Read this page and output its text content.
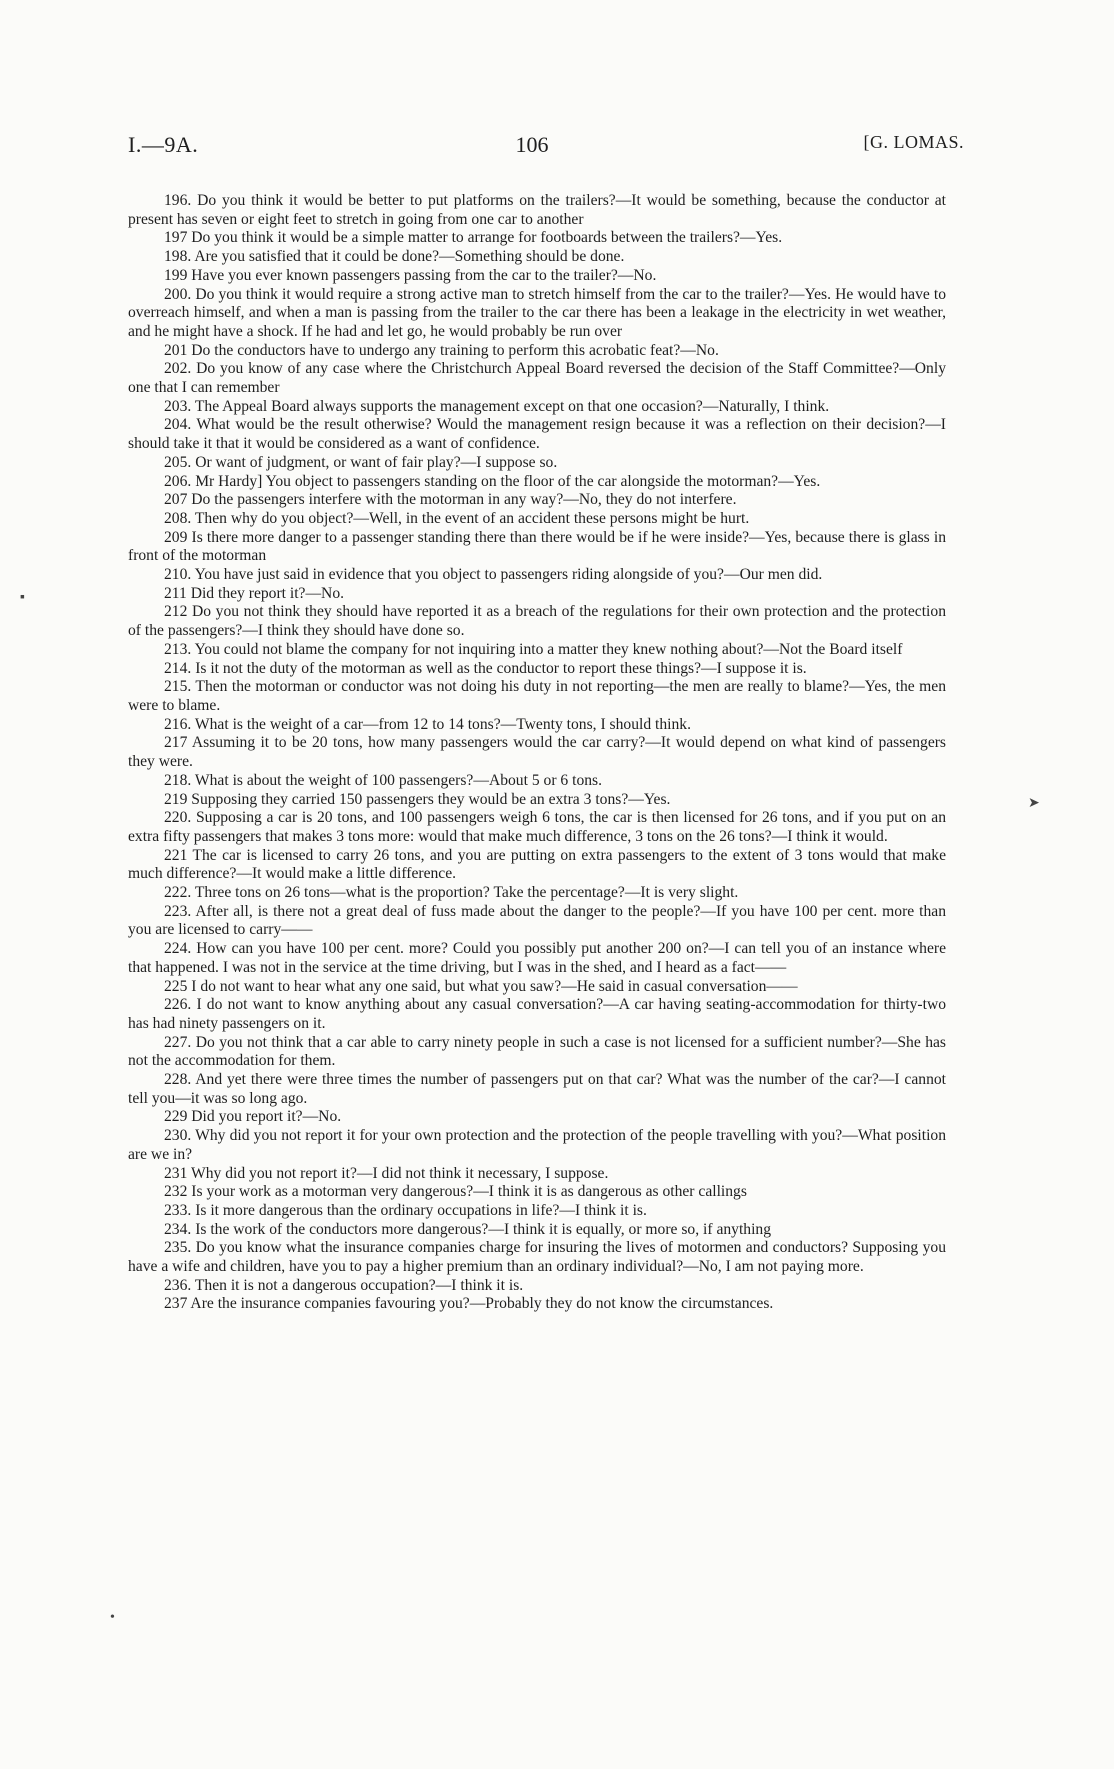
I.—9A.	106	[G. LOMAS.

196. Do you think it would be better to put platforms on the trailers?—It would be something, because the conductor at present has seven or eight feet to stretch in going from one car to another

197 Do you think it would be a simple matter to arrange for footboards between the trailers?—Yes.

198. Are you satisfied that it could be done?—Something should be done.

199 Have you ever known passengers passing from the car to the trailer?—No.

200. Do you think it would require a strong active man to stretch himself from the car to the trailer?—Yes. He would have to overreach himself, and when a man is passing from the trailer to the car there has been a leakage in the electricity in wet weather, and he might have a shock. If he had and let go, he would probably be run over

201 Do the conductors have to undergo any training to perform this acrobatic feat?—No.

202. Do you know of any case where the Christchurch Appeal Board reversed the decision of the Staff Committee?—Only one that I can remember

203. The Appeal Board always supports the management except on that one occasion?—Naturally, I think.

204. What would be the result otherwise? Would the management resign because it was a reflection on their decision?—I should take it that it would be considered as a want of confidence.

205. Or want of judgment, or want of fair play?—I suppose so.

206. Mr Hardy] You object to passengers standing on the floor of the car alongside the motorman?—Yes.

207 Do the passengers interfere with the motorman in any way?—No, they do not interfere.

208. Then why do you object?—Well, in the event of an accident these persons might be hurt.

209 Is there more danger to a passenger standing there than there would be if he were inside?—Yes, because there is glass in front of the motorman

210. You have just said in evidence that you object to passengers riding alongside of you?—Our men did.

211 Did they report it?—No.

212 Do you not think they should have reported it as a breach of the regulations for their own protection and the protection of the passengers?—I think they should have done so.

213. You could not blame the company for not inquiring into a matter they knew nothing about?—Not the Board itself

214. Is it not the duty of the motorman as well as the conductor to report these things?—I suppose it is.

215. Then the motorman or conductor was not doing his duty in not reporting—the men are really to blame?—Yes, the men were to blame.

216. What is the weight of a car—from 12 to 14 tons?—Twenty tons, I should think.

217 Assuming it to be 20 tons, how many passengers would the car carry?—It would depend on what kind of passengers they were.

218. What is about the weight of 100 passengers?—About 5 or 6 tons.

219 Supposing they carried 150 passengers they would be an extra 3 tons?—Yes.

220. Supposing a car is 20 tons, and 100 passengers weigh 6 tons, the car is then licensed for 26 tons, and if you put on an extra fifty passengers that makes 3 tons more: would that make much difference, 3 tons on the 26 tons?—I think it would.

221 The car is licensed to carry 26 tons, and you are putting on extra passengers to the extent of 3 tons would that make much difference?—It would make a little difference.

222. Three tons on 26 tons—what is the proportion? Take the percentage?—It is very slight.

223. After all, is there not a great deal of fuss made about the danger to the people?—If you have 100 per cent. more than you are licensed to carry——

224. How can you have 100 per cent. more? Could you possibly put another 200 on?—I can tell you of an instance where that happened. I was not in the service at the time driving, but I was in the shed, and I heard as a fact——

225 I do not want to hear what any one said, but what you saw?—He said in casual conversation——

226. I do not want to know anything about any casual conversation?—A car having seating-accommodation for thirty-two has had ninety passengers on it.

227. Do you not think that a car able to carry ninety people in such a case is not licensed for a sufficient number?—She has not the accommodation for them.

228. And yet there were three times the number of passengers put on that car? What was the number of the car?—I cannot tell you—it was so long ago.

229 Did you report it?—No.

230. Why did you not report it for your own protection and the protection of the people travelling with you?—What position are we in?

231 Why did you not report it?—I did not think it necessary, I suppose.

232 Is your work as a motorman very dangerous?—I think it is as dangerous as other callings

233. Is it more dangerous than the ordinary occupations in life?—I think it is.

234. Is the work of the conductors more dangerous?—I think it is equally, or more so, if anything

235. Do you know what the insurance companies charge for insuring the lives of motormen and conductors? Supposing you have a wife and children, have you to pay a higher premium than an ordinary individual?—No, I am not paying more.

236. Then it is not a dangerous occupation?—I think it is.

237 Are the insurance companies favouring you?—Probably they do not know the circumstances.

▪
➤
•
